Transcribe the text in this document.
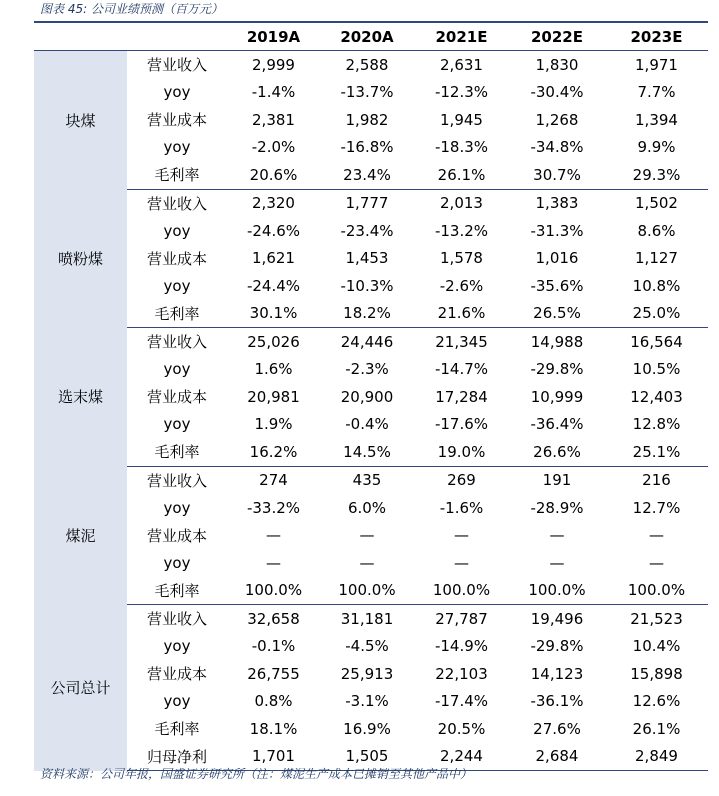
图表 45: 公司业绩预测（百万元）
		2019A	2020A	2021E	2022E	2023E
块煤	营业收入	2,999	2,588	2,631	1,830	1,971
	yoy	-1.4%	-13.7%	-12.3%	-30.4%	7.7%
	营业成本	2,381	1,982	1,945	1,268	1,394
	yoy	-2.0%	-16.8%	-18.3%	-34.8%	9.9%
	毛利率	20.6%	23.4%	26.1%	30.7%	29.3%
喷粉煤	营业收入	2,320	1,777	2,013	1,383	1,502
	yoy	-24.6%	-23.4%	-13.2%	-31.3%	8.6%
	营业成本	1,621	1,453	1,578	1,016	1,127
	yoy	-24.4%	-10.3%	-2.6%	-35.6%	10.8%
	毛利率	30.1%	18.2%	21.6%	26.5%	25.0%
选末煤	营业收入	25,026	24,446	21,345	14,988	16,564
	yoy	1.6%	-2.3%	-14.7%	-29.8%	10.5%
	营业成本	20,981	20,900	17,284	10,999	12,403
	yoy	1.9%	-0.4%	-17.6%	-36.4%	12.8%
	毛利率	16.2%	14.5%	19.0%	26.6%	25.1%
煤泥	营业收入	274	435	269	191	216
	yoy	-33.2%	6.0%	-1.6%	-28.9%	12.7%
	营业成本	—	—	—	—	—
	yoy	—	—	—	—	—
	毛利率	100.0%	100.0%	100.0%	100.0%	100.0%
公司总计	营业收入	32,658	31,181	27,787	19,496	21,523
	yoy	-0.1%	-4.5%	-14.9%	-29.8%	10.4%
	营业成本	26,755	25,913	22,103	14,123	15,898
	yoy	0.8%	-3.1%	-17.4%	-36.1%	12.6%
	毛利率	18.1%	16.9%	20.5%	27.6%	26.1%
	归母净利	1,701	1,505	2,244	2,684	2,849
资料来源：公司年报，国盛证券研究所（注：煤泥生产成本已摊销至其他产品中）
